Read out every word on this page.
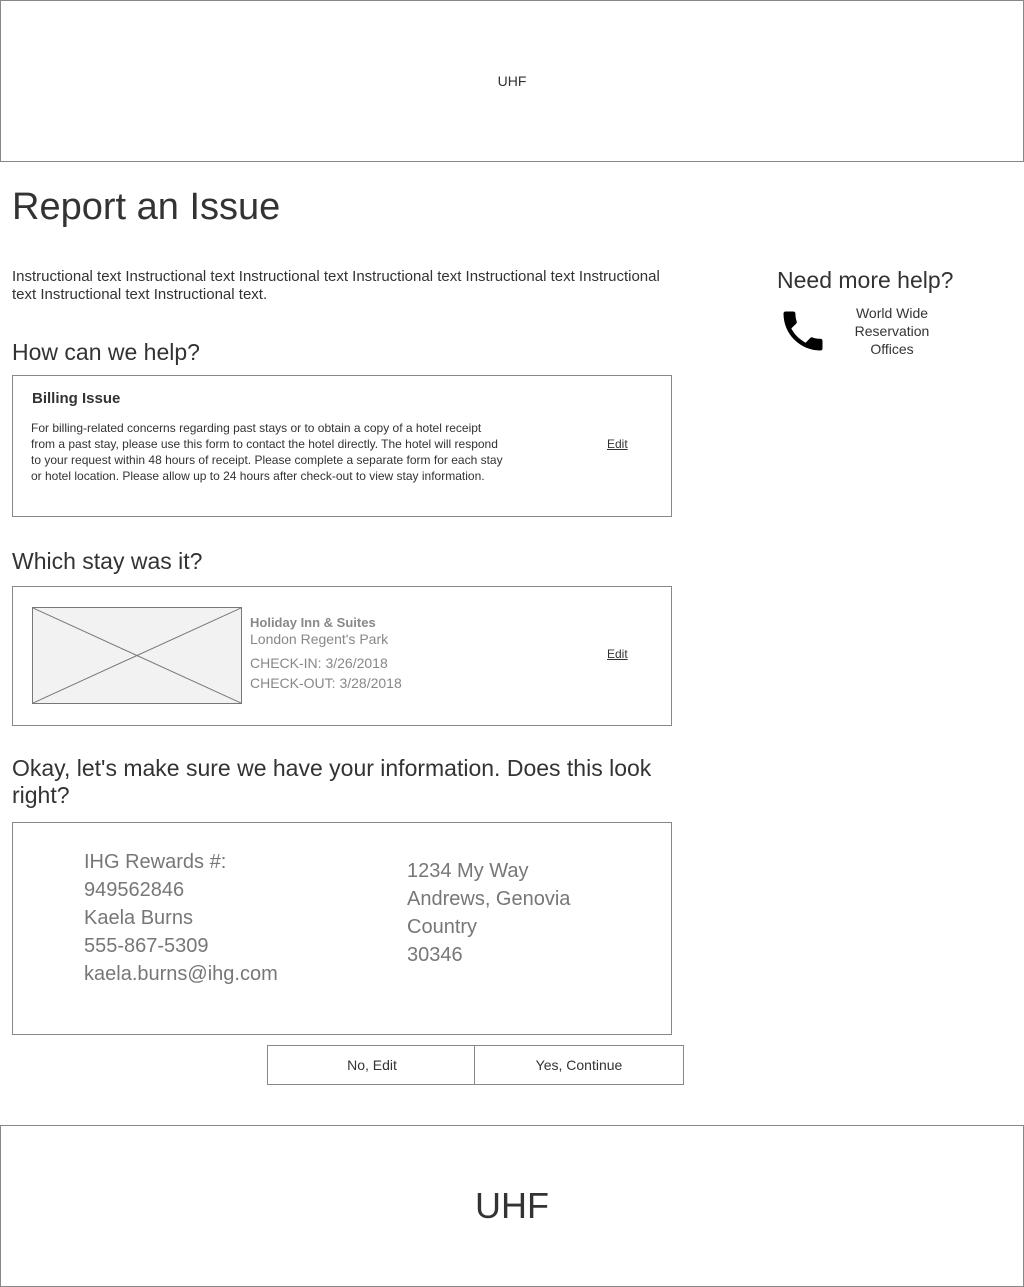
UHF
Report an Issue
Instructional text Instructional text Instructional text Instructional text Instructional text Instructional text Instructional text Instructional text.
How can we help?
Billing Issue
For billing-related concerns regarding past stays or to obtain a copy of a hotel receipt from a past stay, please use this form to contact the hotel directly. The hotel will respond to your request within 48 hours of receipt. Please complete a separate form for each stay or hotel location. Please allow up to 24 hours after check-out to view stay information.
Edit
Which stay was it?
Holiday Inn & Suites
London Regent's Park
CHECK-IN: 3/26/2018
CHECK-OUT: 3/28/2018
Edit
Okay, let's make sure we have your information. Does this look right?
IHG Rewards #:
949562846
Kaela Burns
555-867-5309
kaela.burns@ihg.com
1234 My Way
Andrews, Genovia
Country
30346
No, Edit	Yes, Continue
Need more help?
World Wide Reservation Offices
UHF
